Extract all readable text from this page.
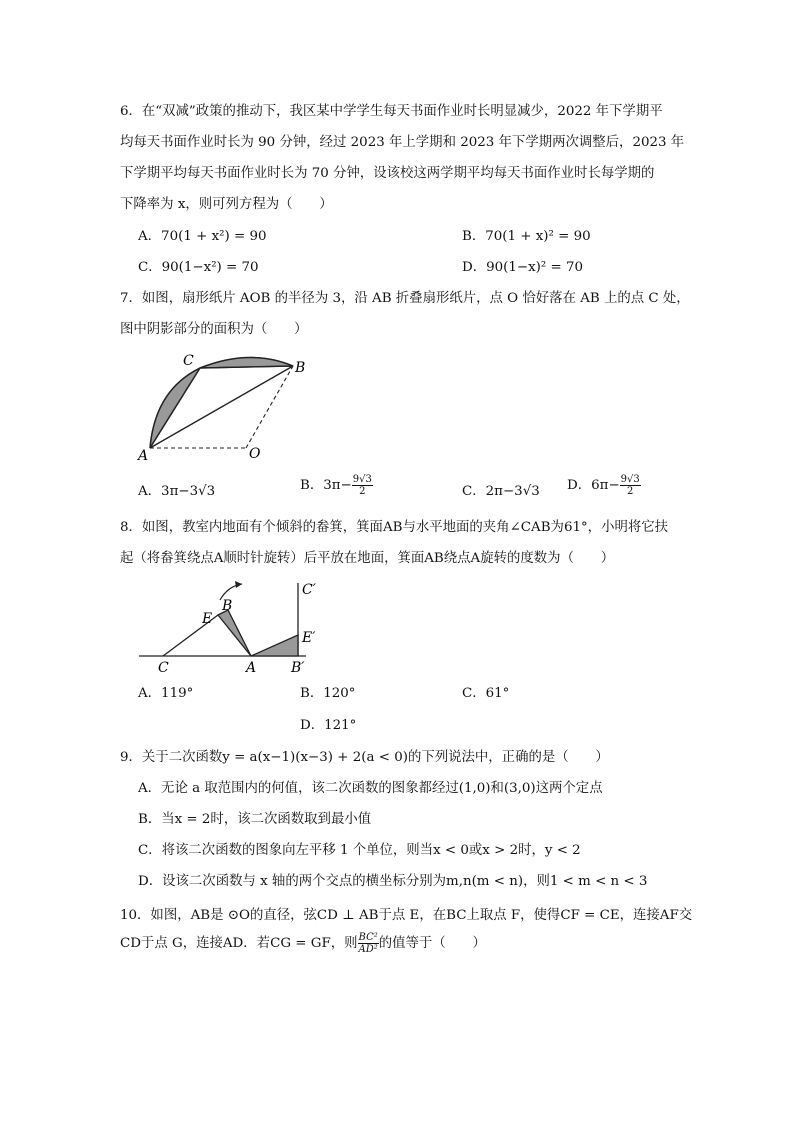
6．在“双减”政策的推动下，我区某中学学生每天书面作业时长明显减少，2022 年下学期平
均每天书面作业时长为 90 分钟，经过 2023 年上学期和 2023 年下学期两次调整后，2023 年
下学期平均每天书面作业时长为 70 分钟，设该校这两学期平均每天书面作业时长每学期的
下降率为 x，则可列方程为（　　）
A．70(1 + x²) = 90	B．70(1 + x)² = 90
C．90(1−x²) = 70	D．90(1−x)² = 70
7．如图，扇形纸片 AOB 的半径为 3，沿 AB 折叠扇形纸片，点 O 恰好落在 AB 上的点 C 处，
图中阴影部分的面积为（　　）
A
C	B
O
A．3π−3√3	B．$3\pi- \frac{9√3}{2}$	C．2π−3√3 D．$6\pi- \frac{9√3}{2}$
8．如图，教室内地面有个倾斜的畚箕，箕面AB与水平地面的夹角∠CAB为61°，小明将它扶
起（将畚箕绕点A顺时针旋转）后平放在地面，箕面AB绕点A旋转的度数为（　　）
C
E
B
A B′
C′
E′
A．119°	B．120°	C．61°
D．121°
9．关于二次函数y = a(x−1)(x−3) + 2(a < 0)的下列说法中，正确的是（　　）
A．无论 a 取范围内的何值，该二次函数的图象都经过(1,0)和(3,0)这两个定点
B．当x = 2时，该二次函数取到最小值
C．将该二次函数的图象向左平移 1 个单位，则当x < 0或x > 2时，y < 2
D．设该二次函数与 x 轴的两个交点的横坐标分别为m,n(m < n)，则1 < m < n < 3
10．如图，AB是 ⊙O的直径，弦CD ⊥ AB于点 E，在BC上取点 F，使得CF = CE，连接AF交
CD于点 G，连接AD．若CG = GF，则 $\frac{\text{BC²}}{\text{AD²}}$ 的值等于（　　）
